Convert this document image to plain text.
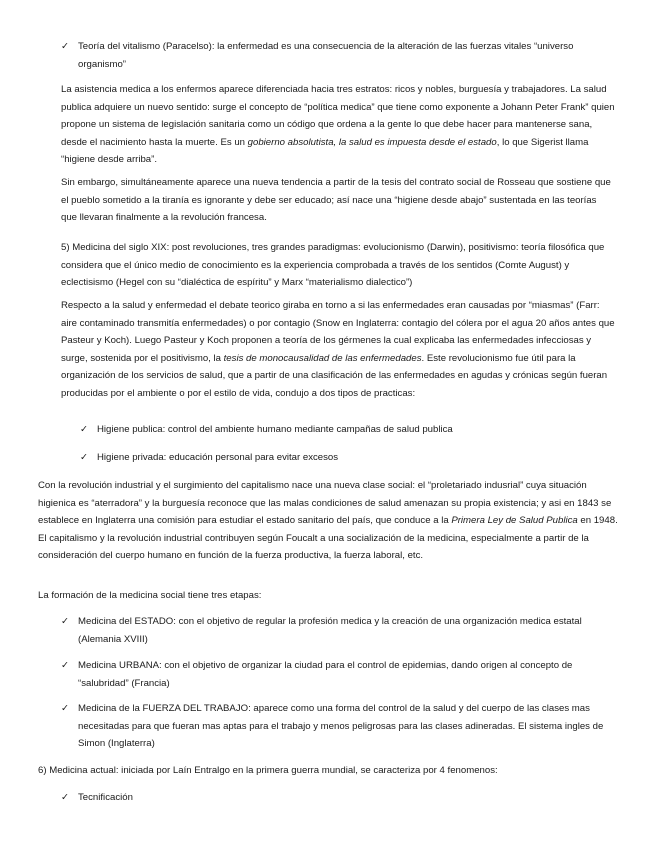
✓ Teoría del vitalismo (Paracelso): la enfermedad es una consecuencia de la alteración de las fuerzas vitales “universo organismo”

La asistencia medica a los enfermos aparece diferenciada hacia tres estratos: ricos y nobles, burguesía y trabajadores. La salud publica adquiere un nuevo sentido: surge el concepto de “política medica” que tiene como exponente a Johann Peter Frank” quien propone un sistema de legislación sanitaria como un código que ordena a la gente lo que debe hacer para mantenerse sana, desde el nacimiento hasta la muerte. Es un gobierno absolutista, la salud es impuesta desde el estado, lo que Sigerist llama “higiene desde arriba”.

Sin embargo, simultáneamente aparece una nueva tendencia a partir de la tesis del contrato social de Rosseau que sostiene que el pueblo sometido a la tiranía es ignorante y debe ser educado; así nace una “higiene desde abajo” sustentada en las teorías que llevaran finalmente a la revolución francesa.

5) Medicina del siglo XIX: post revoluciones, tres grandes paradigmas: evolucionismo (Darwin), positivismo: teoría filosófica que considera que el único medio de conocimiento es la experiencia comprobada a través de los sentidos (Comte August) y eclectisismo (Hegel con su “dialéctica de espíritu” y Marx “materialismo dialectico”)

Respecto a la salud y enfermedad el debate teorico giraba en torno a si las enfermedades eran causadas por “miasmas” (Farr: aire contaminado transmitía enfermedades) o por contagio (Snow en Inglaterra: contagio del cólera por el agua 20 años antes que Pasteur y Koch). Luego Pasteur y Koch proponen a teoría de los gérmenes la cual explicaba las enfermedades infecciosas y surge, sostenida por el positivismo, la tesis de monocausalidad de las enfermedades. Este revolucionismo fue útil para la organización de los servicios de salud, que a partir de una clasificación de las enfermedades en agudas y crónicas según fueran producidas por el ambiente o por el estilo de vida, condujo a dos tipos de practicas:

✓ Higiene publica: control del ambiente humano mediante campañas de salud publica
✓ Higiene privada: educación personal para evitar excesos

Con la revolución industrial y el surgimiento del capitalismo nace una nueva clase social: el “proletariado indusrial” cuya situación higienica es “aterradora” y la burguesía reconoce que las malas condiciones de salud amenazan su propia existencia; y asi en 1843 se establece en Inglaterra una comisión para estudiar el estado sanitario del país, que conduce a la Primera Ley de Salud Publica en 1948. El capitalismo y la revolución industrial contribuyen según Foucalt a una socialización de la medicina, especialmente a partir de la consideración del cuerpo humano en función de la fuerza productiva, la fuerza laboral, etc.

La formación de la medicina social tiene tres etapas:

✓ Medicina del ESTADO: con el objetivo de regular la profesión medica y la creación de una organización medica estatal (Alemania XVIII)
✓ Medicina URBANA: con el objetivo de organizar la ciudad para el control de epidemias, dando origen al concepto de “salubridad” (Francia)
✓ Medicina de la FUERZA DEL TRABAJO: aparece como una forma del control de la salud y del cuerpo de las clases mas necesitadas para que fueran mas aptas para el trabajo y menos peligrosas para las clases adineradas. El sistema ingles de Simon (Inglaterra)

6) Medicina actual: iniciada por Laín Entralgo en la primera guerra mundial, se caracteriza por 4 fenomenos:

✓ Tecnificación
